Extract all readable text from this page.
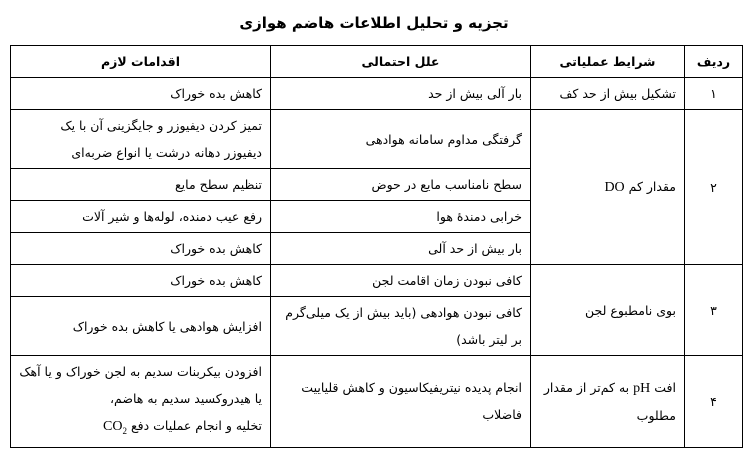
تجزیه و تحلیل اطلاعات هاضم هوازی
ردیف	شرایط عملیاتی	علل احتمالی	اقدامات لازم
۱	تشکیل بیش از حد کف	بار آلی بیش از حد	کاهش بده خوراک
۲	مقدار کم DO	گرفتگی مداوم سامانه هوادهی	تمیز کردن دیفیوزر و جایگزینی آن با یک دیفیوزر دهانه درشت یا انواع ضربه‌ای
		سطح نامناسب مایع در حوض	تنظیم سطح مایع
		خرابی دمندهٔ هوا	رفع عیب دمنده، لوله‌ها و شیر آلات
		بار بیش از حد آلی	کاهش بده خوراک
۳	بوی نامطبوع لجن	کافی نبودن زمان اقامت لجن	کاهش بده خوراک
		کافی نبودن هوادهی (باید بیش از یک میلی‌گرم بر لیتر باشد)	افزایش هوادهی یا کاهش بده خوراک
۴	افت pH به کم‌تر از مقدار مطلوب	انجام پدیده نیتریفیکاسیون و کاهش قلیاییت فاضلاب	افزودن بیکربنات سدیم به لجن خوراک و یا آهک یا هیدروکسید سدیم به هاضم،
تخلیه و انجام عملیات دفع $CO_2$
